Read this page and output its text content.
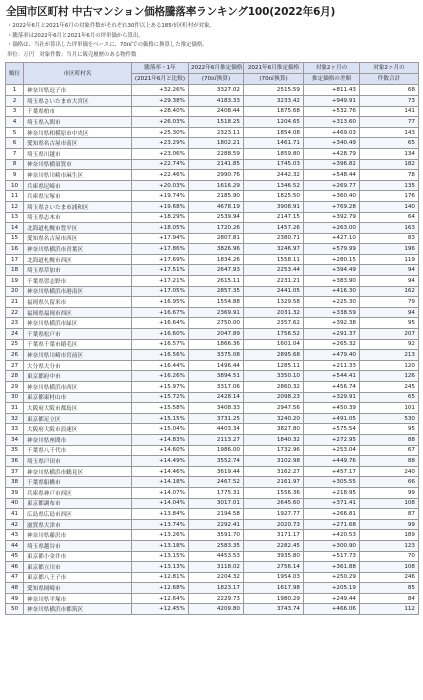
全国市区町村 中古マンション価格騰落率ランキング100(2022年6月)
・2022年6月と2021年6月の対象件数がそれぞれ30件以上ある185市区町村が対象。
・騰落率は2022年6月と2021年6月の坪単価から算出。
・価格は、当社が算出した坪単価をベースに、70㎡での価格に換算した推定価格。
単位：万円　対象件数：当月に販売履歴のある物件数
順位	市区町村名	騰落率・1年	2022年6月推定価格	2021年6月推定価格	対象2ヶ月の	対象2ヶ月の
		(2021年6月と比較)	(70㎡換算)	(70㎡換算)	推定価格の差額	件数合計
1	神奈川県逗子市	+32.26%	3327.02	2515.59	+811.43	68
2	埼玉県さいたま市大宮区	+29.38%	4183.33	3233.42	+949.91	73
3	千葉県柏市	+28.40%	2408.44	1875.68	+532.76	141
4	埼玉県入間市	+26.03%	1518.25	1204.65	+313.60	77
5	神奈川県相模原市中央区	+25.30%	2323.11	1854.08	+469.03	143
6	愛知県名古屋市南区	+23.29%	1802.21	1461.71	+340.49	65
7	埼玉県川越市	+23.06%	2288.59	1859.80	+428.79	134
8	神奈川県横須賀市	+22.74%	2141.85	1745.03	+396.82	182
9	神奈川県川崎市麻生区	+22.46%	2990.76	2442.32	+548.44	78
10	兵庫県尼崎市	+20.03%	1616.29	1346.52	+269.77	135
11	兵庫県宝塚市	+19.74%	2185.90	1825.50	+360.40	176
12	埼玉県さいたま市浦和区	+19.68%	4678.19	3908.91	+769.28	140
13	埼玉県志木市	+18.29%	2539.94	2147.15	+392.79	64
14	北海道札幌市豊平区	+18.05%	1720.26	1457.26	+263.00	163
15	愛知県名古屋市西区	+17.94%	2807.81	2380.71	+427.10	83
16	神奈川県横浜市青葉区	+17.86%	3826.96	3246.97	+579.99	196
17	北海道札幌市西区	+17.69%	1834.26	1558.11	+280.15	119
18	埼玉県草加市	+17.51%	2647.93	2253.44	+394.49	94
19	千葉県習志野市	+17.21%	2615.11	2231.21	+383.90	94
20	神奈川県横浜市港南区	+17.05%	2857.35	2441.05	+416.30	162
21	福岡県久留米市	+16.95%	1554.88	1329.58	+225.30	79
22	福岡県福岡市西区	+16.67%	2369.91	2031.32	+338.59	94
23	神奈川県横浜市緑区	+16.64%	2750.00	2357.62	+392.38	95
24	千葉県松戸市	+16.60%	2047.89	1756.52	+291.37	207
25	千葉県千葉市稲毛区	+16.57%	1866.36	1601.04	+265.32	92
26	神奈川県川崎市宮前区	+16.56%	3375.08	2895.68	+479.40	213
27	大分県大分市	+16.44%	1496.44	1285.11	+211.33	120
28	東京都府中市	+16.26%	3894.51	3350.10	+544.41	126
29	神奈川県横浜市西区	+15.97%	3317.06	2860.32	+456.74	245
30	東京都東村山市	+15.72%	2428.14	2098.23	+329.91	65
31	大阪府大阪市都島区	+15.58%	3408.33	2947.56	+450.39	101
32	東京都足立区	+15.15%	3731.25	3240.20	+491.05	530
33	大阪府大阪市浪速区	+15.04%	4403.34	3827.80	+575.54	95
34	神奈川県座間市	+14.83%	2113.27	1840.32	+272.95	88
35	千葉県八千代市	+14.60%	1986.00	1732.96	+253.04	67
36	埼玉県戸田市	+14.49%	3552.74	3102.98	+449.76	88
37	神奈川県横浜市鶴見区	+14.46%	3619.44	3162.27	+457.17	240
38	千葉県船橋市	+14.18%	2467.52	2161.97	+305.55	66
39	兵庫県神戸市西区	+14.07%	1775.31	1556.36	+218.95	99
40	東京都調布市	+14.04%	3017.01	2645.60	+371.41	108
41	広島県広島市西区	+13.84%	2194.58	1927.77	+266.81	87
42	滋賀県大津市	+13.74%	2292.41	2020.73	+271.68	99
43	神奈川県藤沢市	+13.26%	3591.70	3171.17	+420.53	189
44	埼玉県越谷市	+13.18%	2583.35	2282.45	+300.90	123
45	東京都小金井市	+13.15%	4453.53	3935.80	+517.73	70
46	東京都立川市	+13.13%	3118.02	2756.14	+361.88	108
47	東京都八王子市	+12.81%	2204.32	1954.03	+250.29	246
48	愛知県岡崎市	+12.68%	1823.17	1617.98	+205.19	85
49	神奈川県平塚市	+12.64%	2229.73	1980.29	+249.44	84
50	神奈川県横浜市都筑区	+12.45%	4209.80	3743.74	+466.06	112
